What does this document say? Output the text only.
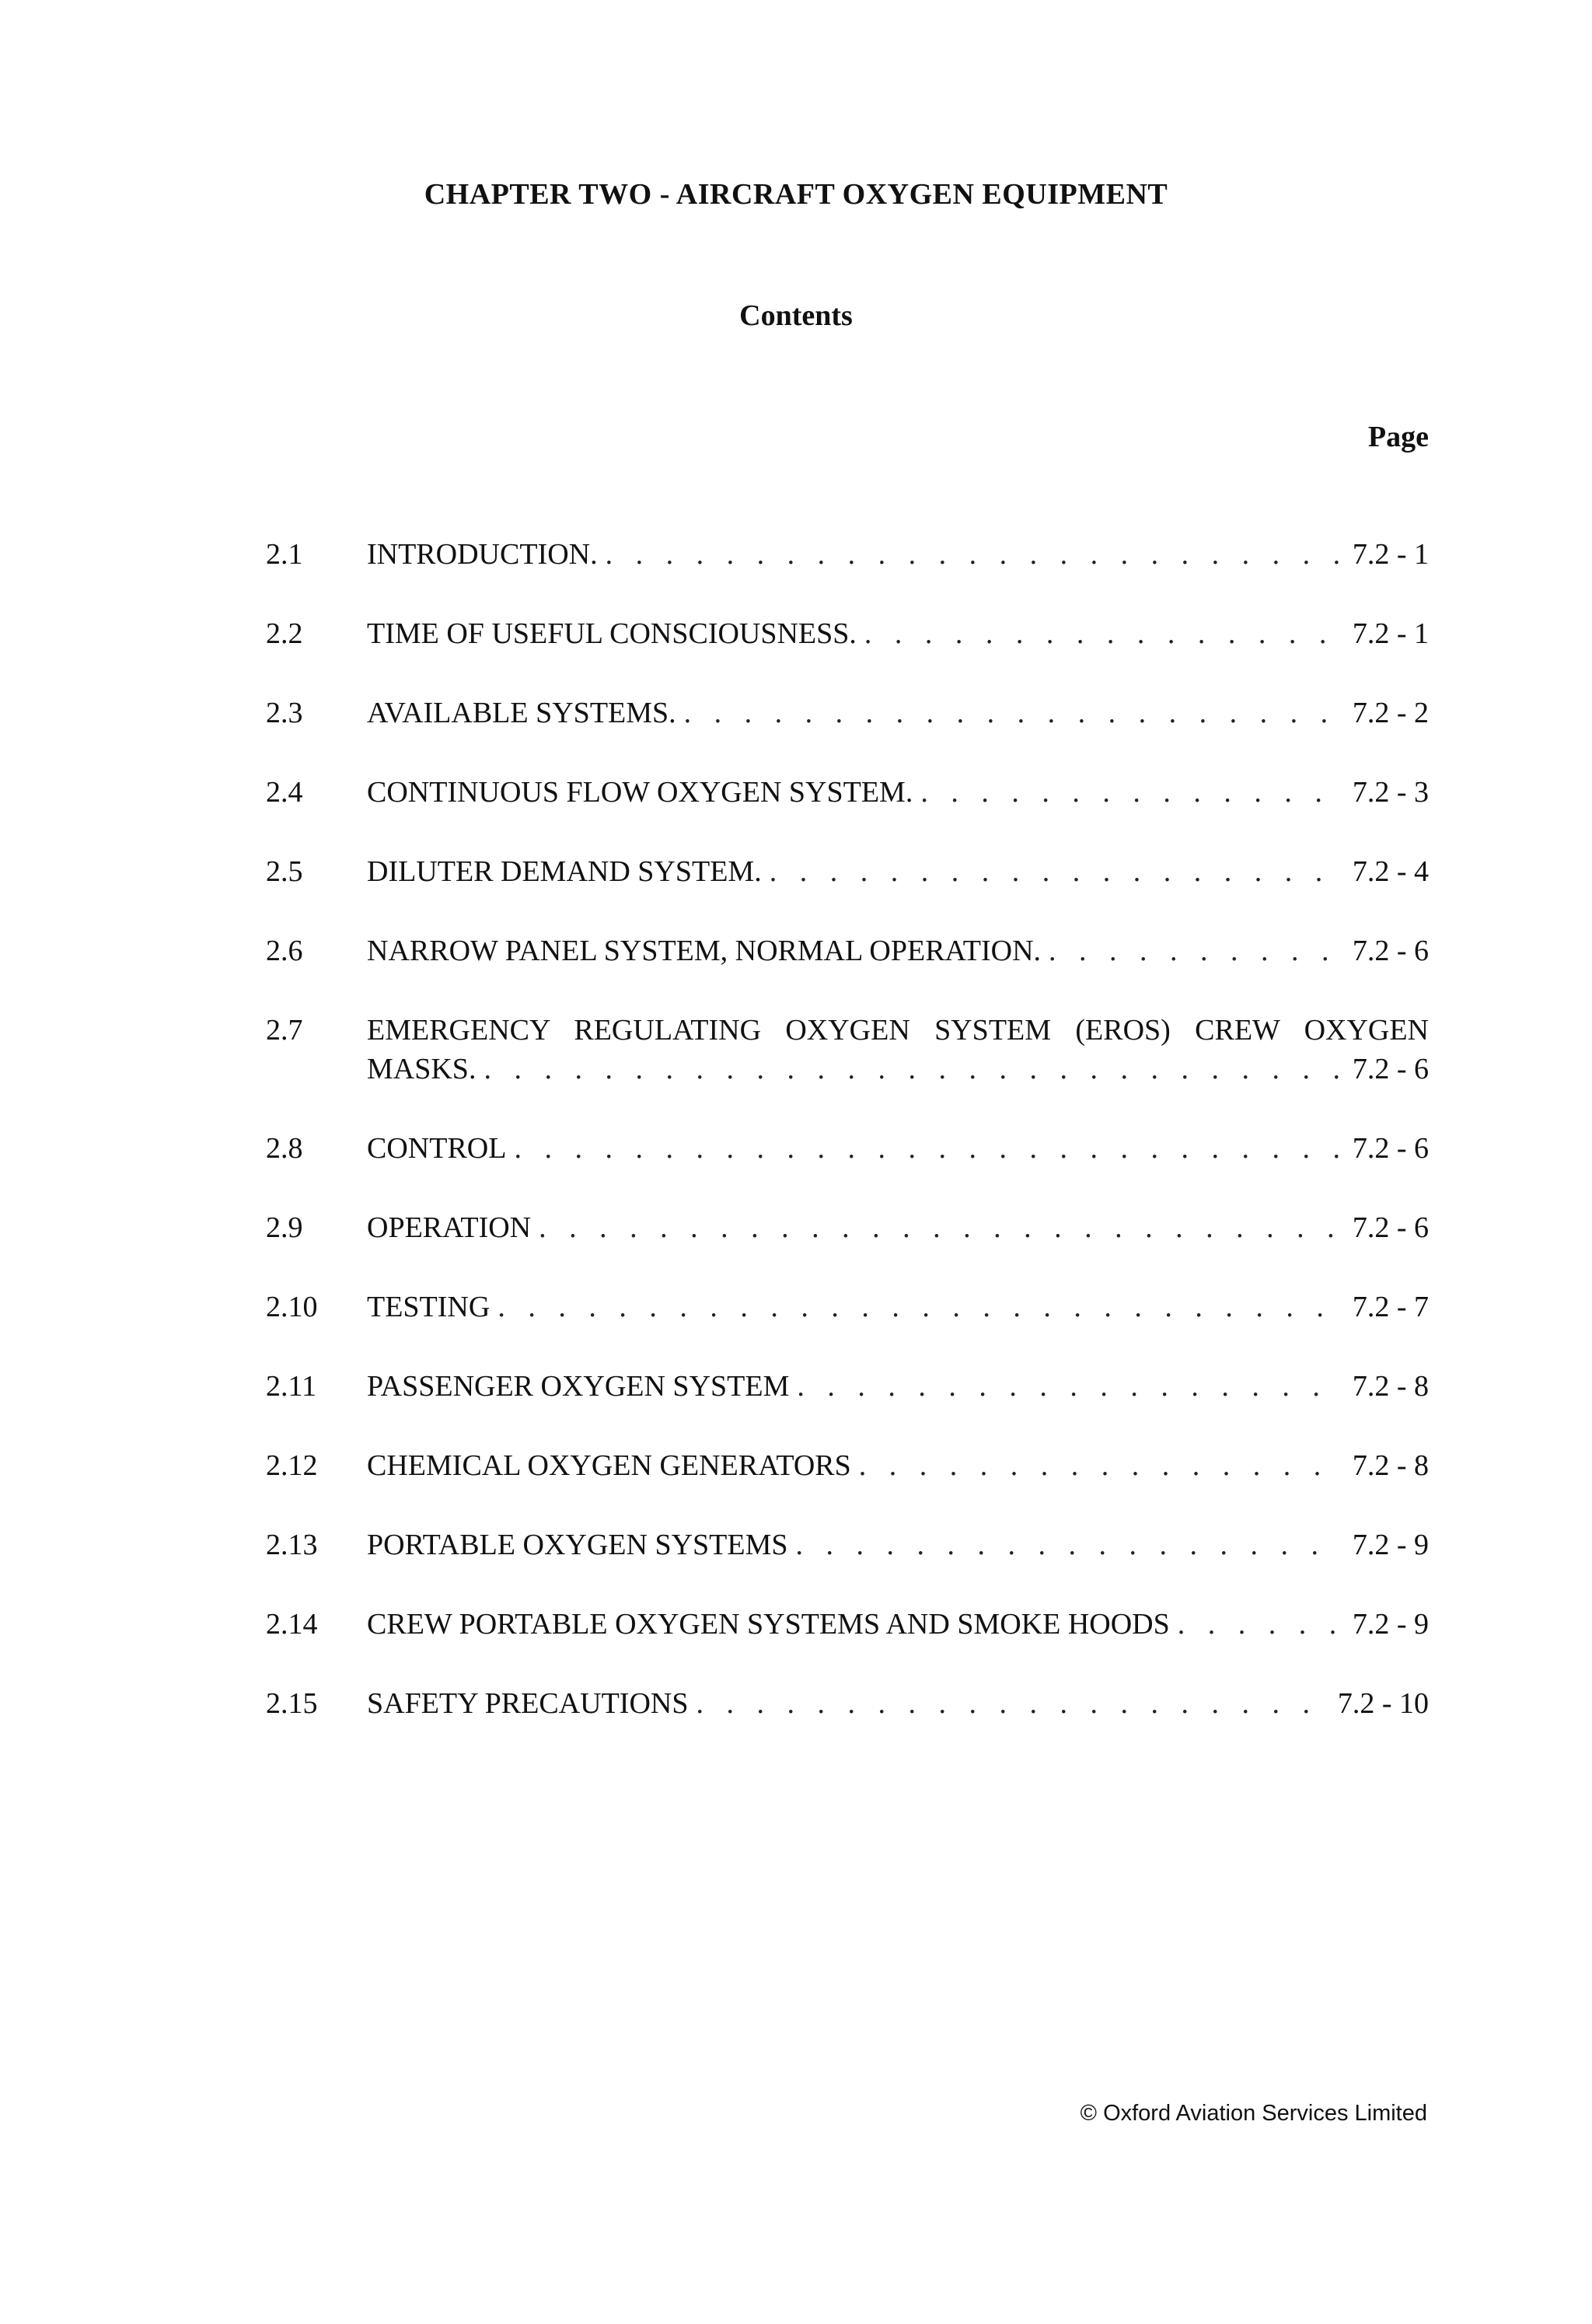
CHAPTER TWO - AIRCRAFT OXYGEN EQUIPMENT
Contents
Page
2.1	INTRODUCTION. . . .	7.2 - 1
2.2	TIME OF USEFUL CONSCIOUSNESS. . . .	7.2 - 1
2.3	AVAILABLE SYSTEMS. . . .	7.2 - 2
2.4	CONTINUOUS FLOW OXYGEN SYSTEM. . . .	7.2 - 3
2.5	DILUTER DEMAND SYSTEM. . . .	7.2 - 4
2.6	NARROW PANEL SYSTEM, NORMAL OPERATION. . . .	7.2 - 6
2.7	EMERGENCY REGULATING OXYGEN SYSTEM (EROS) CREW OXYGEN
MASKS. . . .	7.2 - 6
2.8	CONTROL . . .	7.2 - 6
2.9	OPERATION . . .	7.2 - 6
2.10	TESTING . . .	7.2 - 7
2.11	PASSENGER OXYGEN SYSTEM . . .	7.2 - 8
2.12	CHEMICAL OXYGEN GENERATORS . . .	7.2 - 8
2.13	PORTABLE OXYGEN SYSTEMS . . .	7.2 - 9
2.14	CREW PORTABLE OXYGEN SYSTEMS AND SMOKE HOODS . . .	7.2 - 9
2.15	SAFETY PRECAUTIONS . . .	7.2 - 10
© Oxford Aviation Services Limited
